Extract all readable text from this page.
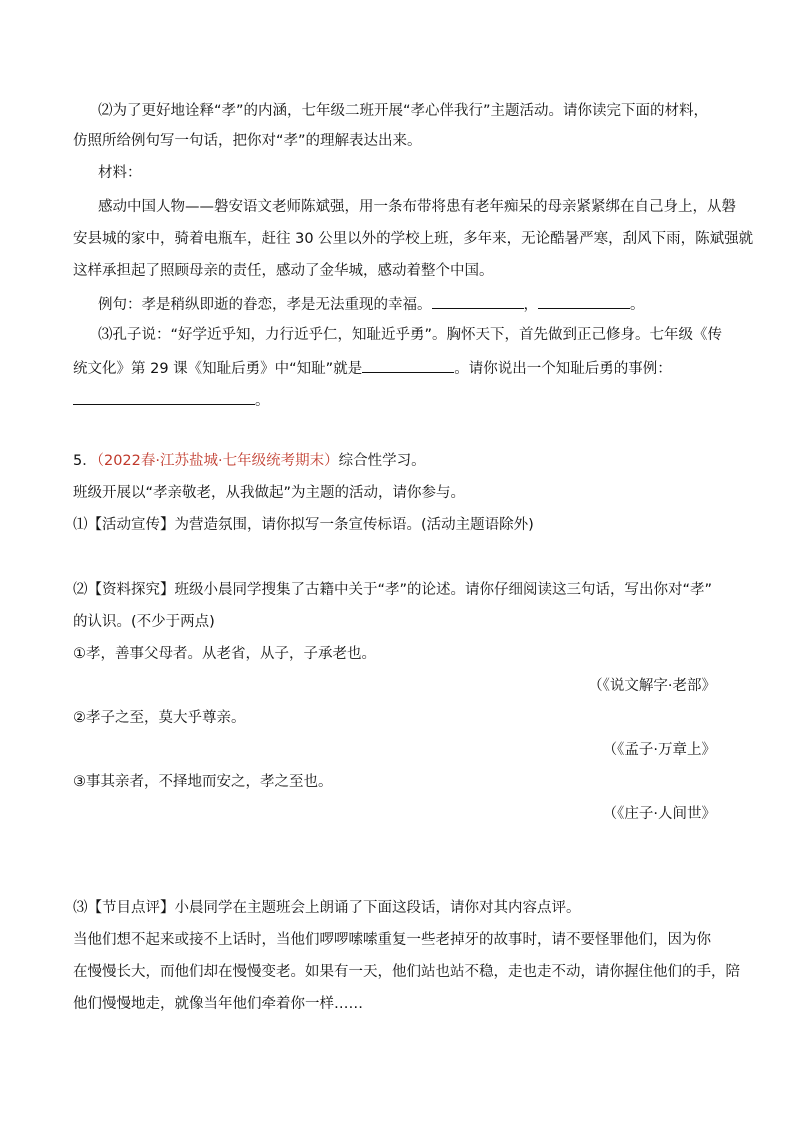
⑵为了更好地诠释“孝”的内涵，七年级二班开展“孝心伴我行”主题活动。请你读完下面的材料，
仿照所给例句写一句话，把你对“孝”的理解表达出来。
材料：
感动中国人物——磐安语文老师陈斌强，用一条布带将患有老年痴呆的母亲紧紧绑在自己身上，从磐
安县城的家中，骑着电瓶车，赶往 30 公里以外的学校上班，多年来，无论酷暑严寒，刮风下雨，陈斌强就
这样承担起了照顾母亲的责任，感动了金华城，感动着整个中国。
例句：孝是稍纵即逝的眷恋，孝是无法重现的幸福。	，	。
⑶孔子说：“好学近乎知，力行近乎仁，知耻近乎勇”。胸怀天下，首先做到正己修身。七年级《传
统文化》第 29 课《知耻后勇》中“知耻”就是	。请你说出一个知耻后勇的事例：
。
5．（2022春·江苏盐城·七年级统考期末）综合性学习。
班级开展以“孝亲敬老，从我做起”为主题的活动，请你参与。
⑴【活动宣传】为营造氛围，请你拟写一条宣传标语。(活动主题语除外)
⑵【资料探究】班级小晨同学搜集了古籍中关于“孝”的论述。请你仔细阅读这三句话，写出你对“孝”
的认识。(不少于两点)
①孝，善事父母者。从老省，从子，子承老也。
（《说文解字·老部》
②孝子之至，莫大乎尊亲。
（《孟子·万章上》
③事其亲者，不择地而安之，孝之至也。
（《庄子·人间世》
⑶【节目点评】小晨同学在主题班会上朗诵了下面这段话，请你对其内容点评。
当他们想不起来或接不上话时，当他们啰啰嗦嗦重复一些老掉牙的故事时，请不要怪罪他们，因为你
在慢慢长大，而他们却在慢慢变老。如果有一天，他们站也站不稳，走也走不动，请你握住他们的手，陪
他们慢慢地走，就像当年他们牵着你一样……
